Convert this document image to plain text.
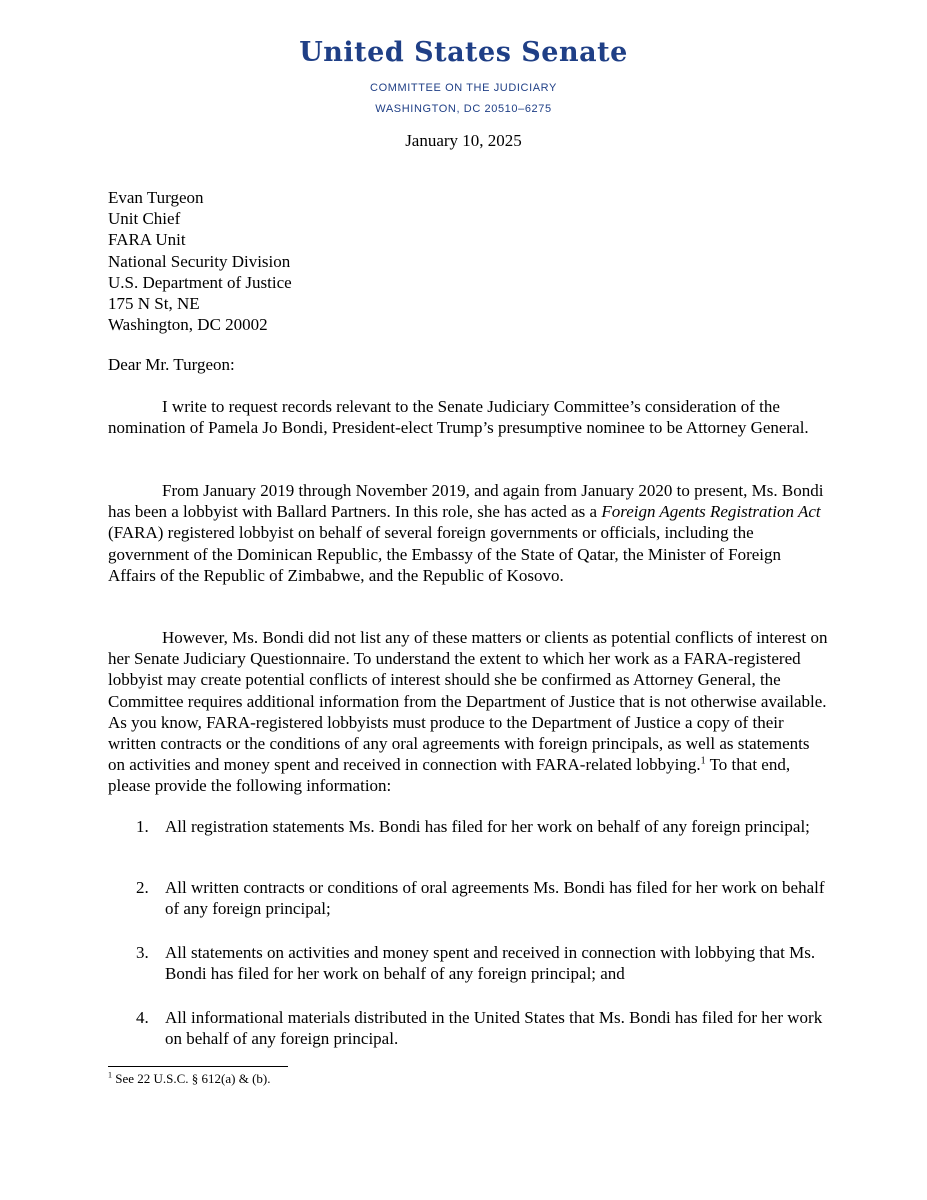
United States Senate
COMMITTEE ON THE JUDICIARY
WASHINGTON, DC 20510–6275
January 10, 2025
Evan Turgeon
Unit Chief
FARA Unit
National Security Division
U.S. Department of Justice
175 N St, NE
Washington, DC 20002
Dear Mr. Turgeon:

I write to request records relevant to the Senate Judiciary Committee’s consideration of the nomination of Pamela Jo Bondi, President-elect Trump’s presumptive nominee to be Attorney General.

From January 2019 through November 2019, and again from January 2020 to present, Ms. Bondi has been a lobbyist with Ballard Partners. In this role, she has acted as a Foreign Agents Registration Act (FARA) registered lobbyist on behalf of several foreign governments or officials, including the government of the Dominican Republic, the Embassy of the State of Qatar, the Minister of Foreign Affairs of the Republic of Zimbabwe, and the Republic of Kosovo.

However, Ms. Bondi did not list any of these matters or clients as potential conflicts of interest on her Senate Judiciary Questionnaire. To understand the extent to which her work as a FARA-registered lobbyist may create potential conflicts of interest should she be confirmed as Attorney General, the Committee requires additional information from the Department of Justice that is not otherwise available. As you know, FARA-registered lobbyists must produce to the Department of Justice a copy of their written contracts or the conditions of any oral agreements with foreign principals, as well as statements on activities and money spent and received in connection with FARA-related lobbying.$^1$ To that end, please provide the following information:

1. All registration statements Ms. Bondi has filed for her work on behalf of any foreign principal;
2. All written contracts or conditions of oral agreements Ms. Bondi has filed for her work on behalf of any foreign principal;
3. All statements on activities and money spent and received in connection with lobbying that Ms. Bondi has filed for her work on behalf of any foreign principal; and
4. All informational materials distributed in the United States that Ms. Bondi has filed for her work on behalf of any foreign principal.
$^1$ See 22 U.S.C. § 612(a) & (b).
